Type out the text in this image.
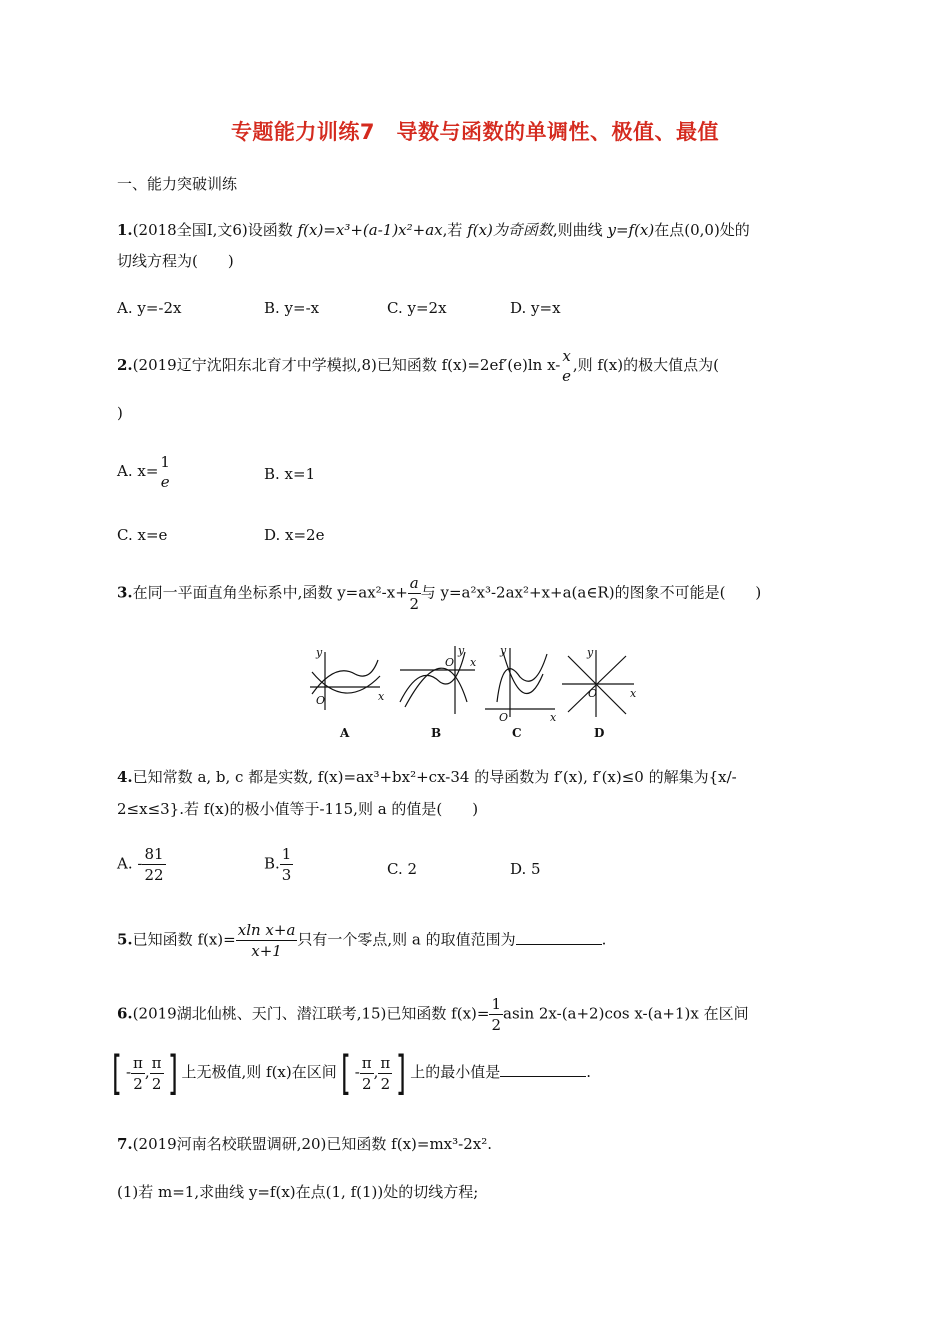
专题能力训练7　导数与函数的单调性、极值、最值
一、能力突破训练
1.(2018全国Ⅰ,文6)设函数 f(x)=x³+(a-1)x²+ax,若 f(x)为奇函数,则曲线 y=f(x)在点(0,0)处的
切线方程为(　　)
A. y=-2x	B. y=-x	C. y=2x	D. y=x
2.(2019辽宁沈阳东北育才中学模拟,8)已知函数 f(x)=2ef′(e)ln x- x
e
,则 f(x)的极大值点为(
)
A. x= 1
e	B. x=1
C. x=e	D. x=2e
3.在同一平面直角坐标系中,函数 $y=ax^2-x+ \frac{a}{2}$ 与 y=a²x³-2ax²+x+a(a∈R)的图象不可能是(　　)
y
x
O
y
x
O
y
x
O
y
x
O
A	B	C	D
4.已知常数 a, b, c 都是实数, f(x)=ax³+bx²+cx-34 的导函数为 f′(x), f′(x)≤0 的解集为{x/-
2≤x≤3}.若 f(x)的极小值等于-115,则 a 的值是(　　)
A. - $\frac{81}{22}$	B. $\frac{1}{3}$	C. 2	D. 5
5.已知函数 $f(x)= \frac{\text{xln x+a}}{x+1}$ 只有一个零点,则 a 的取值范围为	.
6.(2019湖北仙桃、天门、潜江联考,15)已知函数 $f(x)= \frac{1}{2}$ asin 2x-(a+2)cos x-(a+1)x 在区间
[ - $\frac{\pi}{2}$ , $\frac{\pi}{2}$ ] 上无极值,则 f(x)在区间[ - $\frac{\pi}{2}$ , $\frac{\pi}{2}$ ] 上的最小值是	.
7.(2019河南名校联盟调研,20)已知函数 f(x)=mx³-2x².
(1)若 m=1,求曲线 y=f(x)在点(1, f(1))处的切线方程;
